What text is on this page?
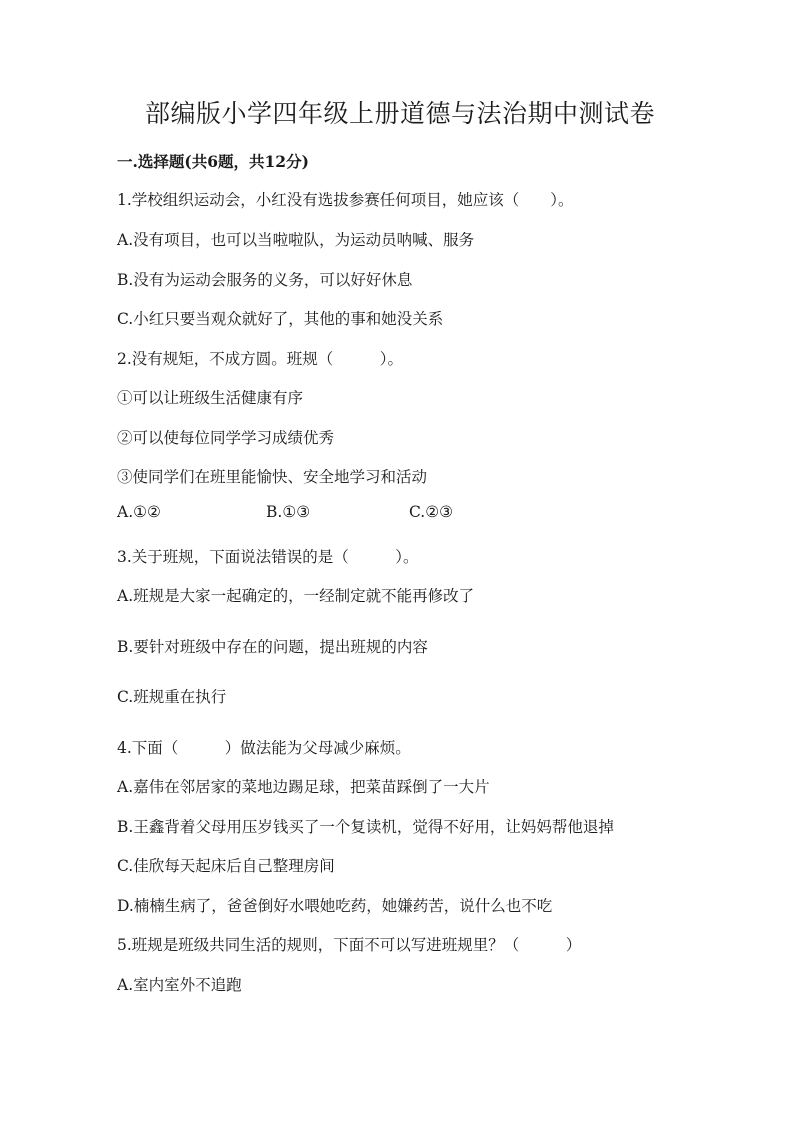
部编版小学四年级上册道德与法治期中测试卷
一.选择题(共6题，共12分)
1.学校组织运动会，小红没有选拔参赛任何项目，她应该（　　）。
A.没有项目，也可以当啦啦队，为运动员呐喊、服务
B.没有为运动会服务的义务，可以好好休息
C.小红只要当观众就好了，其他的事和她没关系
2.没有规矩，不成方圆。班规（　　　）。
①可以让班级生活健康有序
②可以使每位同学学习成绩优秀
③使同学们在班里能愉快、安全地学习和活动
A.①②	B.①③	C.②③
3.关于班规，下面说法错误的是（　　　）。
A.班规是大家一起确定的，一经制定就不能再修改了
B.要针对班级中存在的问题，提出班规的内容
C.班规重在执行
4.下面（　　　）做法能为父母减少麻烦。
A.嘉伟在邻居家的菜地边踢足球，把菜苗踩倒了一大片
B.王鑫背着父母用压岁钱买了一个复读机，觉得不好用，让妈妈帮他退掉
C.佳欣每天起床后自己整理房间
D.楠楠生病了，爸爸倒好水喂她吃药，她嫌药苦，说什么也不吃
5.班规是班级共同生活的规则，下面不可以写进班规里？（　　　）
A.室内室外不追跑
